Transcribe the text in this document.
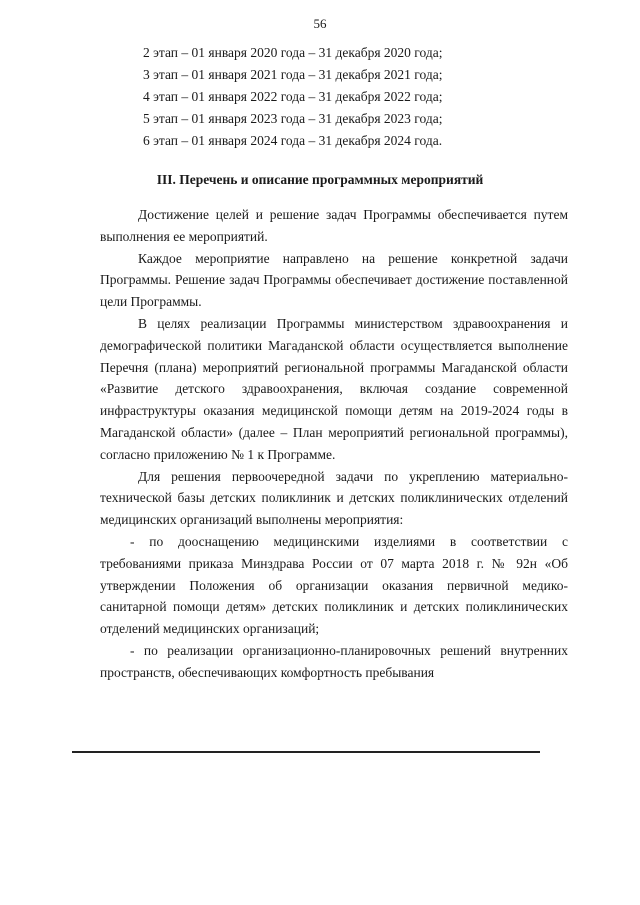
56
2 этап – 01 января 2020 года – 31 декабря 2020 года;
3 этап – 01 января 2021 года – 31 декабря 2021 года;
4 этап – 01 января 2022 года – 31 декабря 2022 года;
5 этап – 01 января 2023 года – 31 декабря 2023 года;
6 этап – 01 января 2024 года – 31 декабря 2024 года.
III. Перечень и описание программных мероприятий

Достижение целей и решение задач Программы обеспечивается путем выполнения ее мероприятий.

Каждое мероприятие направлено на решение конкретной задачи Программы. Решение задач Программы обеспечивает достижение поставленной цели Программы.

В целях реализации Программы министерством здравоохранения и демографической политики Магаданской области осуществляется выполнение Перечня (плана) мероприятий региональной программы Магаданской области «Развитие детского здравоохранения, включая создание современной инфраструктуры оказания медицинской помощи детям на 2019-2024 годы в Магаданской области» (далее – План мероприятий региональной программы), согласно приложению № 1 к Программе.

Для решения первоочередной задачи по укреплению материально-технической базы детских поликлиник и детских поликлинических отделений медицинских организаций выполнены мероприятия:

- по дооснащению медицинскими изделиями в соответствии с требованиями приказа Минздрава России от 07 марта 2018 г. № 92н «Об утверждении Положения об организации оказания первичной медико-санитарной помощи детям» детских поликлиник и детских поликлинических отделений медицинских организаций;

- по реализации организационно-планировочных решений внутренних пространств, обеспечивающих комфортность пребывания
